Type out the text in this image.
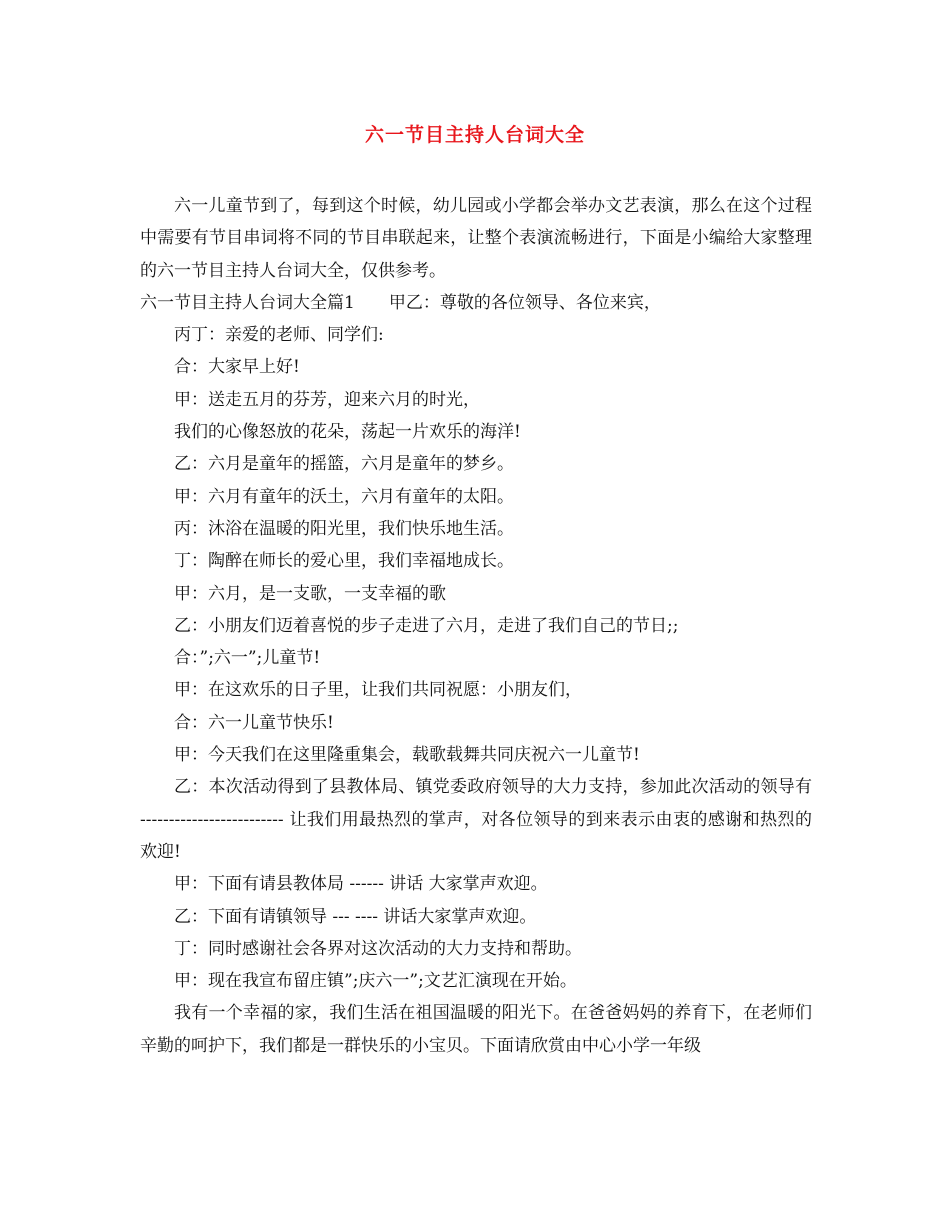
六一节目主持人台词大全

六一儿童节到了，每到这个时候，幼儿园或小学都会举办文艺表演，那么在这个过程中需要有节目串词将不同的节目串联起来，让整个表演流畅进行，下面是小编给大家整理的六一节目主持人台词大全，仅供参考。

六一节目主持人台词大全篇1 甲乙：尊敬的各位领导、各位来宾，

丙丁：亲爱的老师、同学们:

合：大家早上好!

甲：送走五月的芬芳，迎来六月的时光，

我们的心像怒放的花朵，荡起一片欢乐的海洋!

乙：六月是童年的摇篮，六月是童年的梦乡。

甲：六月有童年的沃土，六月有童年的太阳。

丙：沐浴在温暖的阳光里，我们快乐地生活。

丁：陶醉在师长的爱心里，我们幸福地成长。

甲：六月，是一支歌，一支幸福的歌

乙：小朋友们迈着喜悦的步子走进了六月，走进了我们自己的节日;;

合：”;六一”;儿童节!

甲：在这欢乐的日子里，让我们共同祝愿：小朋友们，

合：六一儿童节快乐!

甲：今天我们在这里隆重集会，载歌载舞共同庆祝六一儿童节!

乙：本次活动得到了县教体局、镇党委政府领导的大力支持，参加此次活动的领导有 ------------------------- 让我们用最热烈的掌声，对各位领导的到来表示由衷的感谢和热烈的欢迎!

甲：下面有请县教体局 ------ 讲话 大家掌声欢迎。

乙：下面有请镇领导 --- ---- 讲话大家掌声欢迎。

丁：同时感谢社会各界对这次活动的大力支持和帮助。

甲：现在我宣布留庄镇”;庆六一”;文艺汇演现在开始。

我有一个幸福的家，我们生活在祖国温暖的阳光下。在爸爸妈妈的养育下，在老师们辛勤的呵护下，我们都是一群快乐的小宝贝。下面请欣赏由中心小学一年级
